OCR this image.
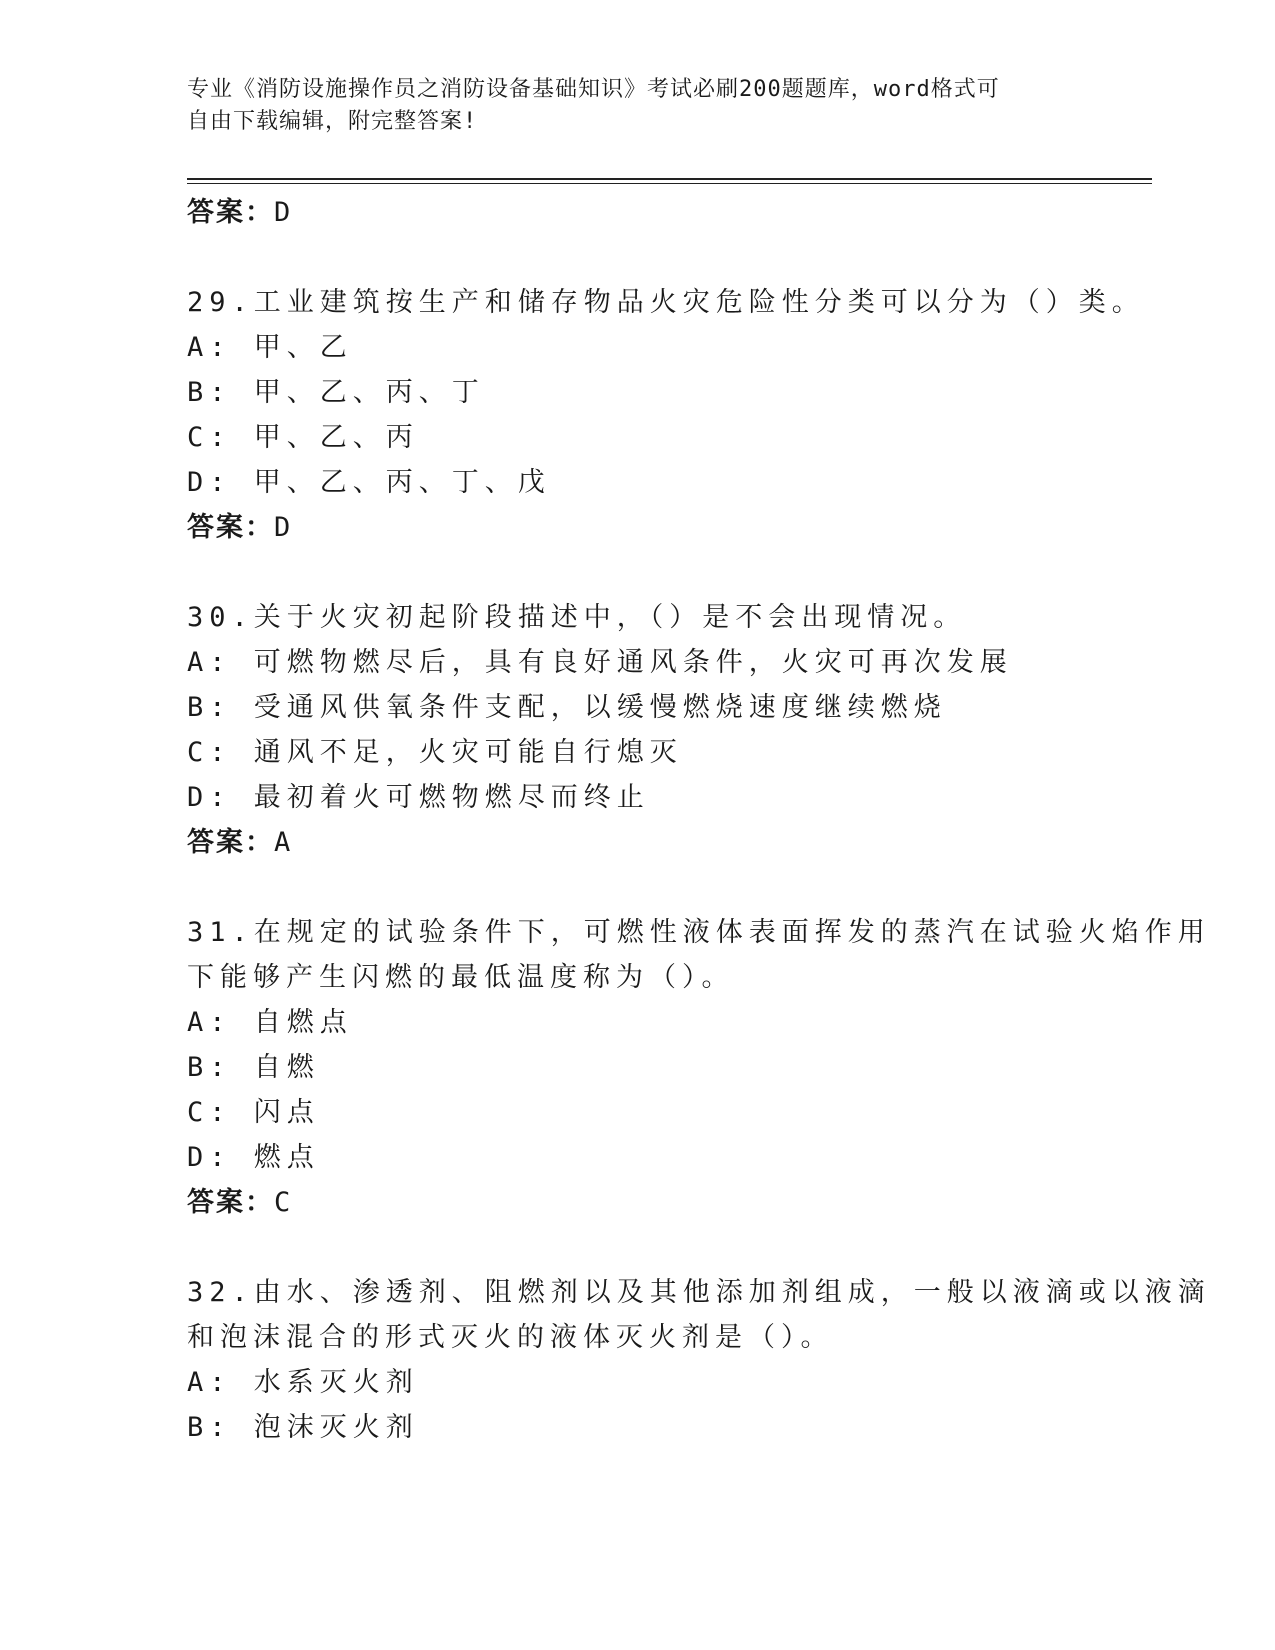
专业《消防设施操作员之消防设备基础知识》考试必刷200题题库，word格式可
自由下载编辑，附完整答案!
答案：D
29.工业建筑按生产和储存物品火灾危险性分类可以分为（）类。
A: 甲、乙
B: 甲、乙、丙、丁
C: 甲、乙、丙
D: 甲、乙、丙、丁、戊
答案：D
30.关于火灾初起阶段描述中，（）是不会出现情况。
A: 可燃物燃尽后，具有良好通风条件，火灾可再次发展
B: 受通风供氧条件支配，以缓慢燃烧速度继续燃烧
C: 通风不足，火灾可能自行熄灭
D: 最初着火可燃物燃尽而终止
答案：A
31.在规定的试验条件下，可燃性液体表面挥发的蒸汽在试验火焰作用
下能够产生闪燃的最低温度称为（）。
A: 自燃点
B: 自燃
C: 闪点
D: 燃点
答案：C
32.由水、渗透剂、阻燃剂以及其他添加剂组成，一般以液滴或以液滴
和泡沫混合的形式灭火的液体灭火剂是（）。
A: 水系灭火剂
B: 泡沫灭火剂
